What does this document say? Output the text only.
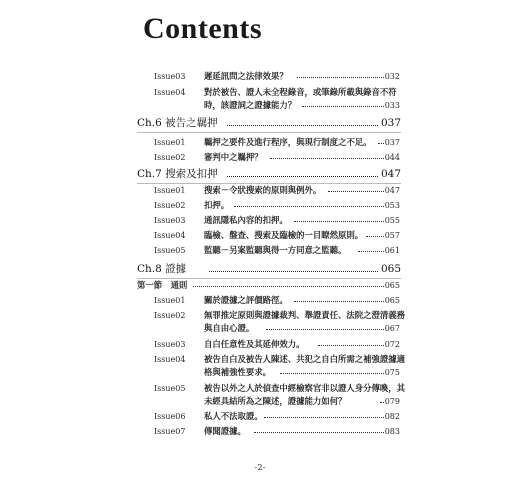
Contents
Issue03	遲延訊問之法律效果？	032
Issue04	對於被告、證人未全程錄音，或筆錄所載與錄音不符
時，該證詞之證據能力？	033
Ch.6 被告之羈押	037
Issue01	羈押之要件及進行程序，與現行制度之不足。 037
Issue02	審判中之羈押？	044
Ch.7 搜索及扣押	047
Issue01	搜索－令狀搜索的原則與例外。	047
Issue02	扣押。	053
Issue03	通訊隱私內容的扣押。	055
Issue04	臨檢、盤查、搜索及臨檢的一目瞭然原則。	057
Issue05	監聽－另案監聽與得一方同意之監聽。	061
Ch.8 證據	065
第一節　通則	065
Issue01	關於證據之評價路徑。	065
Issue02	無罪推定原則與證據裁判、舉證責任、法院之澄清義務
與自由心證。	067
Issue03	自白任意性及其延伸效力。	072
Issue04	被告自白及被告人陳述、共犯之自白所需之補強證據適
格與補強性要求。	075
Issue05	被告以外之人於偵查中經檢察官非以證人身分傳喚，其
未經具結所為之陳述，證據能力如何？	079
Issue06	私人不法取證。	082
Issue07	傳聞證據。	083
-2-
